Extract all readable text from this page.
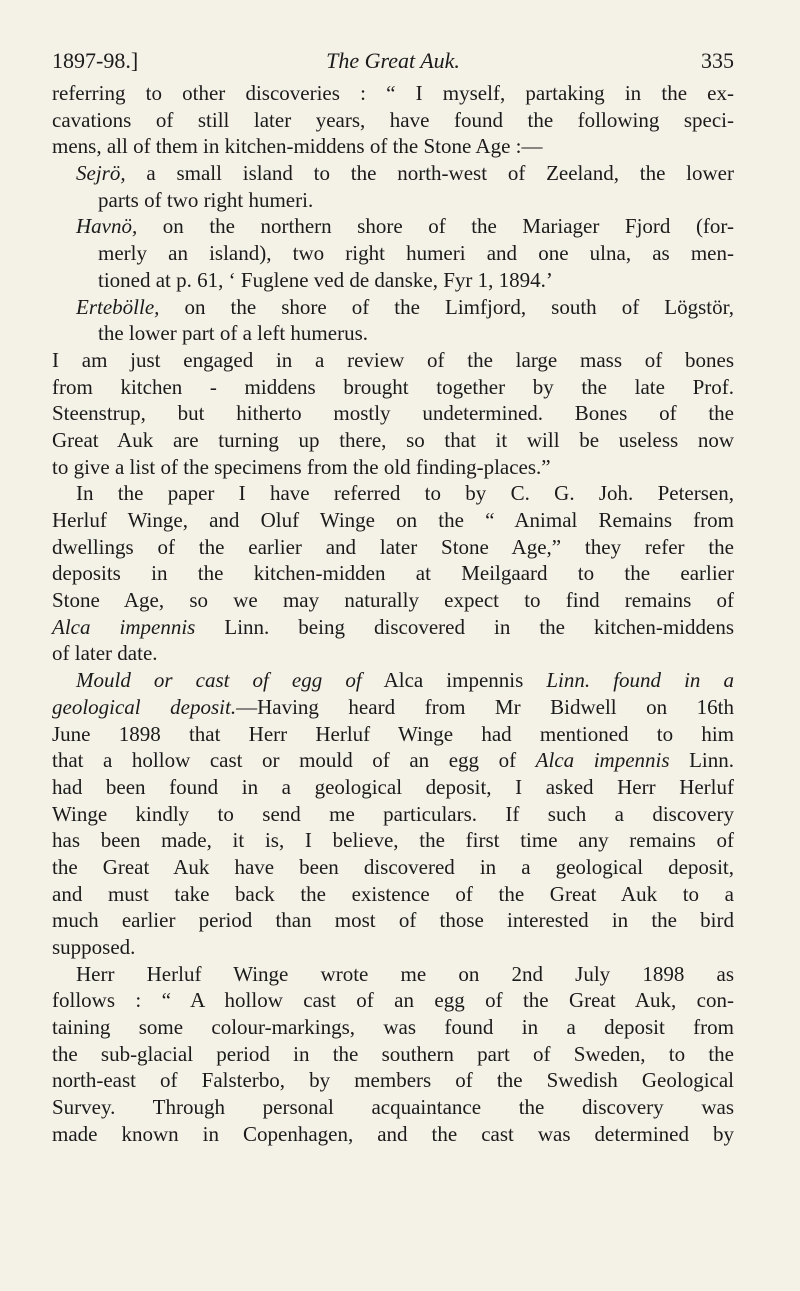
1897-98.]	The Great Auk.	335
referring to other discoveries : “ I myself, partaking in the ex-
cavations of still later years, have found the following speci-
mens, all of them in kitchen-middens of the Stone Age :—
Sejrö, a small island to the north-west of Zeeland, the lower
parts of two right humeri.
Havnö, on the northern shore of the Mariager Fjord (for-
merly an island), two right humeri and one ulna, as men-
tioned at p. 61, ‘ Fuglene ved de danske, Fyr 1, 1894.’
Ertebölle, on the shore of the Limfjord, south of Lögstör,
the lower part of a left humerus.
I am just engaged in a review of the large mass of bones
from kitchen - middens brought together by the late Prof.
Steenstrup, but hitherto mostly undetermined. Bones of the
Great Auk are turning up there, so that it will be useless now
to give a list of the specimens from the old finding-places.”
In the paper I have referred to by C. G. Joh. Petersen,
Herluf Winge, and Oluf Winge on the “ Animal Remains from
dwellings of the earlier and later Stone Age,” they refer the
deposits in the kitchen-midden at Meilgaard to the earlier
Stone Age, so we may naturally expect to find remains of
Alca impennis Linn. being discovered in the kitchen-middens
of later date.
Mould or cast of egg of Alca impennis Linn. found in a
geological deposit.—Having heard from Mr Bidwell on 16th
June 1898 that Herr Herluf Winge had mentioned to him
that a hollow cast or mould of an egg of Alca impennis Linn.
had been found in a geological deposit, I asked Herr Herluf
Winge kindly to send me particulars. If such a discovery
has been made, it is, I believe, the first time any remains of
the Great Auk have been discovered in a geological deposit,
and must take back the existence of the Great Auk to a
much earlier period than most of those interested in the bird
supposed.
Herr Herluf Winge wrote me on 2nd July 1898 as
follows : “ A hollow cast of an egg of the Great Auk, con-
taining some colour-markings, was found in a deposit from
the sub-glacial period in the southern part of Sweden, to the
north-east of Falsterbo, by members of the Swedish Geological
Survey. Through personal acquaintance the discovery was
made known in Copenhagen, and the cast was determined by
